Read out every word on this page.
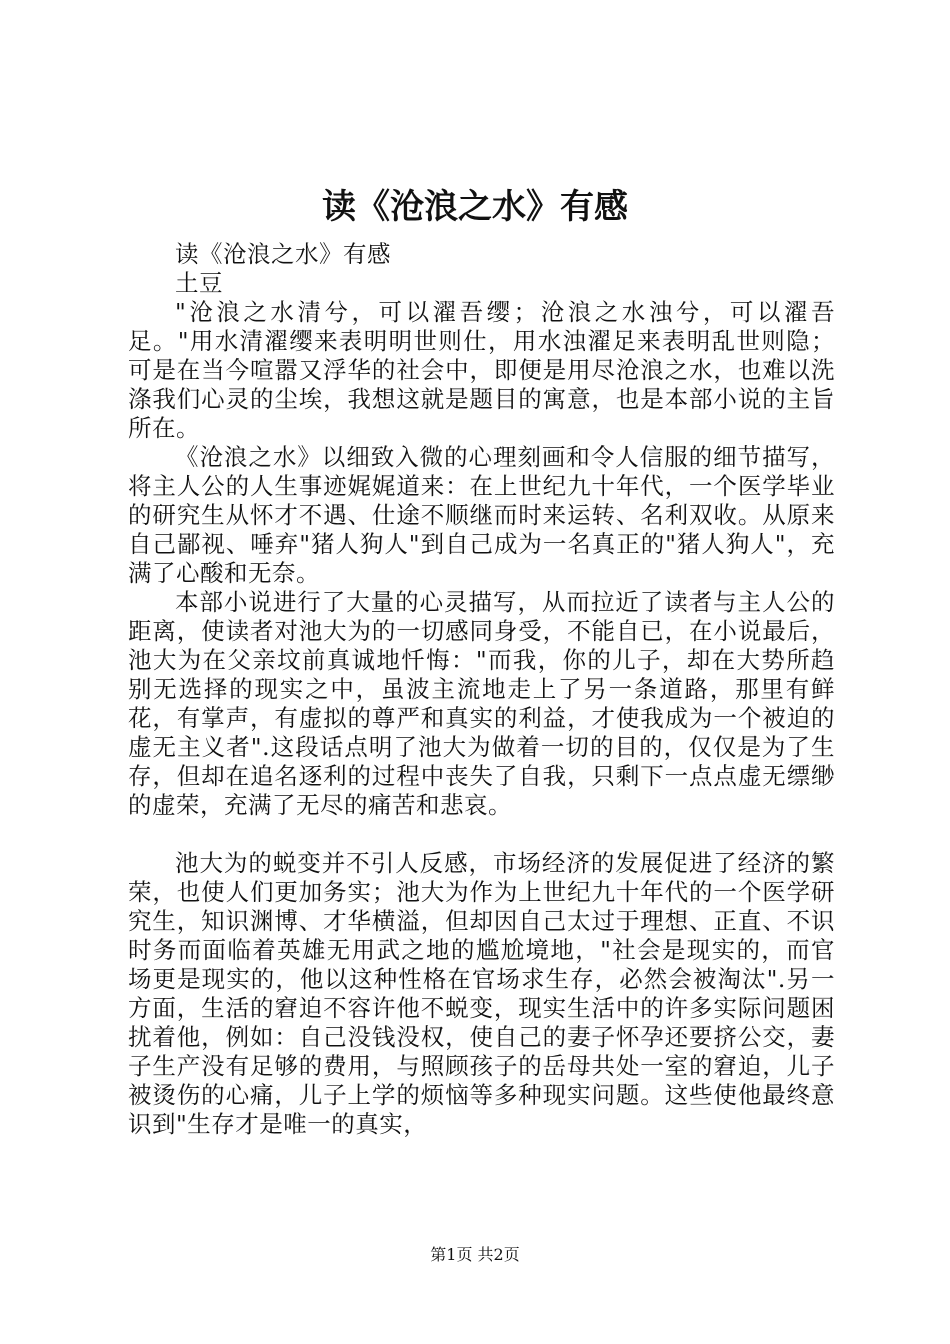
读《沧浪之水》有感

读《沧浪之水》有感

土豆

"沧浪之水清兮，可以濯吾缨；沧浪之水浊兮，可以濯吾足。"用水清濯缨来表明明世则仕，用水浊濯足来表明乱世则隐；可是在当今喧嚣又浮华的社会中，即便是用尽沧浪之水，也难以洗涤我们心灵的尘埃，我想这就是题目的寓意，也是本部小说的主旨所在。

《沧浪之水》以细致入微的心理刻画和令人信服的细节描写，将主人公的人生事迹娓娓道来：在上世纪九十年代，一个医学毕业的研究生从怀才不遇、仕途不顺继而时来运转、名利双收。从原来自己鄙视、唾弃"猪人狗人"到自己成为一名真正的"猪人狗人"，充满了心酸和无奈。

本部小说进行了大量的心灵描写，从而拉近了读者与主人公的距离，使读者对池大为的一切感同身受，不能自已，在小说最后，池大为在父亲坟前真诚地忏悔："而我，你的儿子，却在大势所趋别无选择的现实之中，虽波主流地走上了另一条道路，那里有鲜花，有掌声，有虚拟的尊严和真实的利益，才使我成为一个被迫的虚无主义者".这段话点明了池大为做着一切的目的，仅仅是为了生存，但却在追名逐利的过程中丧失了自我，只剩下一点点虚无缥缈的虚荣，充满了无尽的痛苦和悲哀。

池大为的蜕变并不引人反感，市场经济的发展促进了经济的繁荣，也使人们更加务实；池大为作为上世纪九十年代的一个医学研究生，知识渊博、才华横溢，但却因自己太过于理想、正直、不识时务而面临着英雄无用武之地的尴尬境地，"社会是现实的，而官场更是现实的，他以这种性格在官场求生存，必然会被淘汰".另一方面，生活的窘迫不容许他不蜕变，现实生活中的许多实际问题困扰着他，例如：自己没钱没权，使自己的妻子怀孕还要挤公交，妻子生产没有足够的费用，与照顾孩子的岳母共处一室的窘迫，儿子被烫伤的心痛，儿子上学的烦恼等多种现实问题。这些使他最终意识到"生存才是唯一的真实，

第1页 共2页
